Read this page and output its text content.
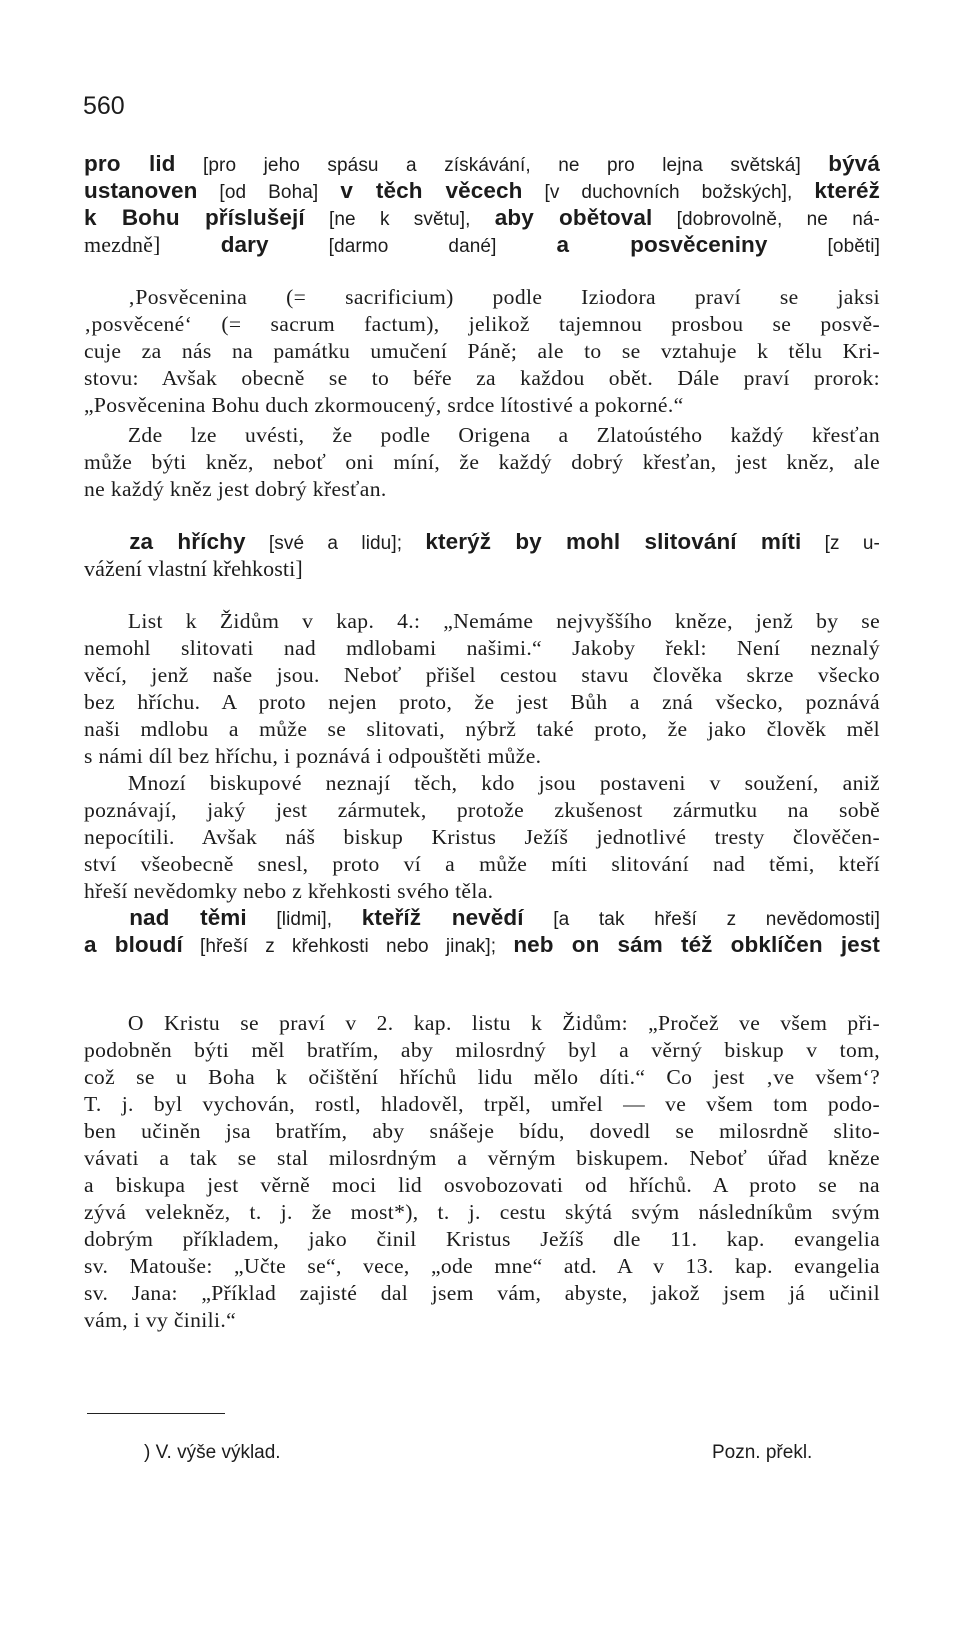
560
pro lid [pro jeho spásu a získávání, ne pro lejna světská] bývá
ustanoven [od Boha] v těch věcech [v duchovních božských], kteréž
k Bohu příslušejí [ne k světu], aby obětoval [dobrovolně, ne ná-
mezdně] dary [darmo dané] a posvěceniny [oběti]
  ‚Posvěcenina (= sacrificium) podle Iziodora praví se jaksi
‚posvěcené‘ (= sacrum factum), jelikož tajemnou prosbou se posvě-
cuje za nás na památku umučení Páně; ale to se vztahuje k tělu Kri-
stovu: Avšak obecně se to béře za každou obět. Dále praví prorok:
„Posvěcenina Bohu duch zkormoucený, srdce lítostivé a pokorné.“
  Zde lze uvésti, že podle Origena a Zlatoústého každý křesťan
může býti kněz, neboť oni míní, že každý dobrý křesťan, jest kněz, ale
ne každý kněz jest dobrý křesťan.
  za hříchy [své a lidu]; kterýž by mohl slitování míti [z u-
vážení vlastní křehkosti]
  List k Židům v kap. 4.: „Nemáme nejvyššího kněze, jenž by se
nemohl slitovati nad mdlobami našimi.“ Jakoby řekl: Není neznalý
věcí, jenž naše jsou. Neboť přišel cestou stavu člověka skrze všecko
bez hříchu. A proto nejen proto, že jest Bůh a zná všecko, poznává
naši mdlobu a může se slitovati, nýbrž také proto, že jako člověk měl
s námi díl bez hříchu, i poznává i odpouštěti může.
  Mnozí biskupové neznají těch, kdo jsou postaveni v soužení, aniž
poznávají, jaký jest zármutek, protože zkušenost zármutku na sobě
nepocítili. Avšak náš biskup Kristus Ježíš jednotlivé tresty člověčen-
ství všeobecně snesl, proto ví a může míti slitování nad těmi, kteří
hřeší nevědomky nebo z křehkosti svého těla.
  nad těmi [lidmi], kteříž nevědí [a tak hřeší z nevědomosti]
a bloudí [hřeší z křehkosti nebo jinak]; neb on sám též obklíčen jest
  O Kristu se praví v 2. kap. listu k Židům: „Pročež ve všem při-
podobněn býti měl bratřím, aby milosrdný byl a věrný biskup v tom,
což se u Boha k očištění hříchů lidu mělo díti.“ Co jest ‚ve všem‘?
T. j. byl vychován, rostl, hladověl, trpěl, umřel — ve všem tom podo-
ben učiněn jsa bratřím, aby snášeje bídu, dovedl se milosrdně slito-
vávati a tak se stal milosrdným a věrným biskupem. Neboť úřad kněze
a biskupa jest věrně moci lid osvobozovati od hříchů. A proto se na
zývá velekněz, t. j. že most*), t. j. cestu skýtá svým následníkům svým
dobrým příkladem, jako činil Kristus Ježíš dle 11. kap. evangelia
sv. Matouše: „Učte se“, vece, „ode mne“ atd. A v 13. kap. evangelia
sv. Jana: „Příklad zajisté dal jsem vám, abyste, jakož jsem já učinil
vám, i vy činili.“
) V. výše výklad.	Pozn. překl.
